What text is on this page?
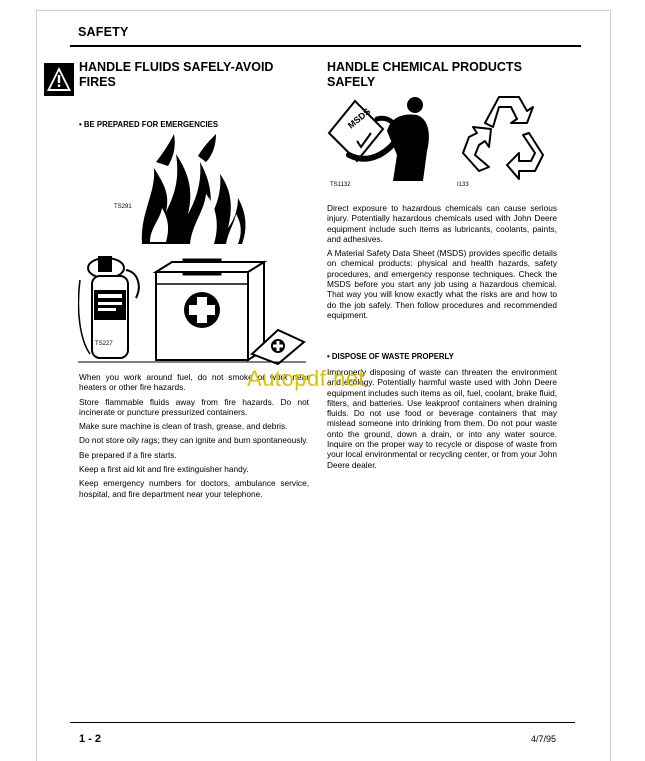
SAFETY
HANDLE FLUIDS SAFELY-AVOID
FIRES
• BE PREPARED FOR EMERGENCIES
TS291
TS227

When you work around fuel, do not smoke or work near heaters or other fire hazards.

Store flammable fluids away from fire hazards. Do not incinerate or puncture pressurized containers.

Make sure machine is clean of trash, grease, and debris.

Do not store oily rags; they can ignite and burn spontaneously.

Be prepared if a fire starts.

Keep a first aid kit and fire extinguisher handy.

Keep emergency numbers for doctors, ambulance service, hospital, and fire department near your telephone.

HANDLE CHEMICAL PRODUCTS
SAFELY
MSDS
TS1132	I133

Direct exposure to hazardous chemicals can cause serious injury. Potentially hazardous chemicals used with John Deere equipment include such items as lubricants, coolants, paints, and adhesives.

A Material Safety Data Sheet (MSDS) provides specific details on chemical products: physical and health hazards, safety procedures, and emergency response techniques. Check the MSDS before you start any job using a hazardous chemical. That way you will know exactly what the risks are and how to do the job safely. Then follow procedures and recommended equipment.

• DISPOSE OF WASTE PROPERLY

Improperly disposing of waste can threaten the environment and ecology. Potentially harmful waste used with John Deere equipment includes such items as oil, fuel, coolant, brake fluid, filters, and batteries. Use leakproof containers when draining fluids. Do not use food or beverage containers that may mislead someone into drinking from them. Do not pour waste onto the ground, down a drain, or into any water source. Inquire on the proper way to recycle or dispose of waste from your local environmental or recycling center, or from your John Deere dealer.

Autopdf.net
1 - 2	4/7/95
